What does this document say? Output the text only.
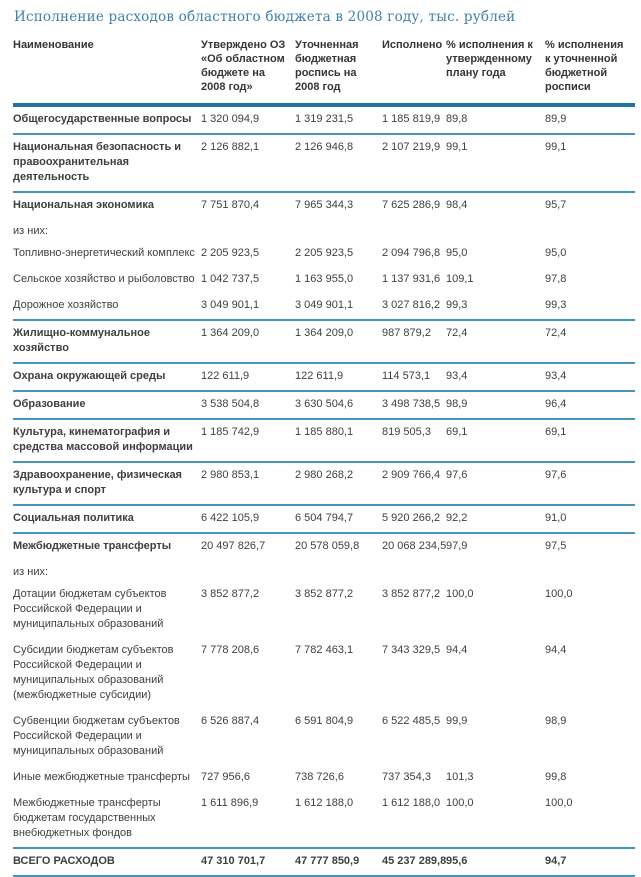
Исполнение расходов областного бюджета в 2008 году, тыс. рублей
Наименование	Утверждено ОЗ «Об областном бюджете на 2008 год»	Уточненная бюджетная роспись на 2008 год	Исполнено	% исполнения к утвержденному плану года	% исполнения к уточненной бюджетной росписи
Общегосударственные вопросы	1 320 094,9	1 319 231,5	1 185 819,9	89,8	89,9
Национальная безопасность и правоохранительная деятельность	2 126 882,1	2 126 946,8	2 107 219,9	99,1	99,1
Национальная экономика	7 751 870,4	7 965 344,3	7 625 286,9	98,4	95,7
из них:					
Топливно-энергетический комплекс	2 205 923,5	2 205 923,5	2 094 796,8	95,0	95,0
Сельское хозяйство и рыболовство	1 042 737,5	1 163 955,0	1 137 931,6	109,1	97,8
Дорожное хозяйство	3 049 901,1	3 049 901,1	3 027 816,2	99,3	99,3
Жилищно-коммунальное хозяйство	1 364 209,0	1 364 209,0	987 879,2	72,4	72,4
Охрана окружающей среды	122 611,9	122 611,9	114 573,1	93,4	93,4
Образование	3 538 504,8	3 630 504,6	3 498 738,5	98,9	96,4
Культура, кинематография и средства массовой информации	1 185 742,9	1 185 880,1	819 505,3	69,1	69,1
Здравоохранение, физическая культура и спорт	2 980 853,1	2 980 268,2	2 909 766,4	97,6	97,6
Социальная политика	6 422 105,9	6 504 794,7	5 920 266,2	92,2	91,0
Межбюджетные трансферты	20 497 826,7	20 578 059,8	20 068 234,5	97,9	97,5
из них:					
Дотации бюджетам субъектов Российской Федерации и муниципальных образований	3 852 877,2	3 852 877,2	3 852 877,2	100,0	100,0
Субсидии бюджетам субъектов Российской Федерации и муниципальных образований (межбюджетные субсидии)	7 778 208,6	7 782 463,1	7 343 329,5	94,4	94,4
Субвенции бюджетам субъектов Российской Федерации и муниципальных образований	6 526 887,4	6 591 804,9	6 522 485,5	99,9	98,9
Иные межбюджетные трансферты	727 956,6	738 726,6	737 354,3	101,3	99,8
Межбюджетные трансферты бюджетам государственных внебюджетных фондов	1 611 896,9	1 612 188,0	1 612 188,0	100,0	100,0
ВСЕГО РАСХОДОВ	47 310 701,7	47 777 850,9	45 237 289,8	95,6	94,7
